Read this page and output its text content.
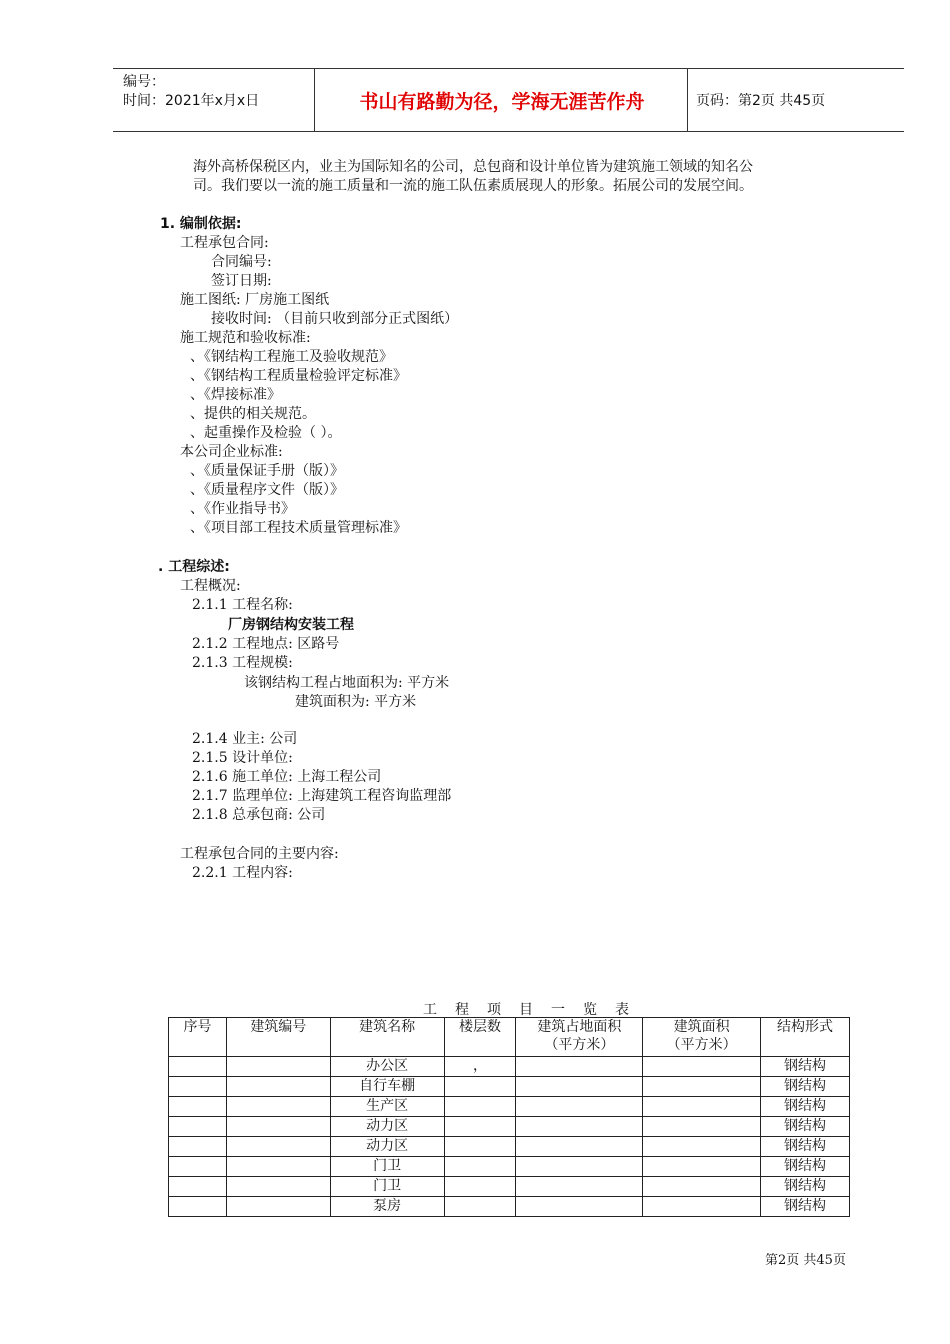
编号：
时间：2021年x月x日	书山有路勤为径，学海无涯苦作舟	页码：第2页 共45页
海外高桥保税区内，业主为国际知名的公司，总包商和设计单位皆为建筑施工领域的知名公
司。我们要以一流的施工质量和一流的施工队伍素质展现人的形象。拓展公司的发展空间。
1. 编制依据:
工程承包合同:
合同编号:
签订日期:
施工图纸: 厂房施工图纸
接收时间: （目前只收到部分正式图纸）
施工规范和验收标准:
、《钢结构工程施工及验收规范》
、《钢结构工程质量检验评定标准》
、《焊接标准》
、提供的相关规范。
、起重操作及检验（ ）。
本公司企业标准:
、《质量保证手册（版）》
、《质量程序文件（版）》
、《作业指导书》
、《项目部工程技术质量管理标准》
. 工程综述:
工程概况:
2.1.1 工程名称:
厂房钢结构安装工程
2.1.2 工程地点: 区路号
2.1.3 工程规模:
该钢结构工程占地面积为: 平方米
建筑面积为: 平方米
2.1.4 业主: 公司
2.1.5 设计单位:
2.1.6 施工单位: 上海工程公司
2.1.7 监理单位: 上海建筑工程咨询监理部
2.1.8 总承包商: 公司
工程承包合同的主要内容:
2.2.1 工程内容:
工程项目一览表
序号	建筑编号	建筑名称	楼层数	建筑占地面积
（平方米）	建筑面积
（平方米）	结构形式
		办公区	，			钢结构
		自行车棚				钢结构
		生产区				钢结构
		动力区				钢结构
		动力区				钢结构
		门卫				钢结构
		门卫				钢结构
		泵房				钢结构
第2页 共45页
